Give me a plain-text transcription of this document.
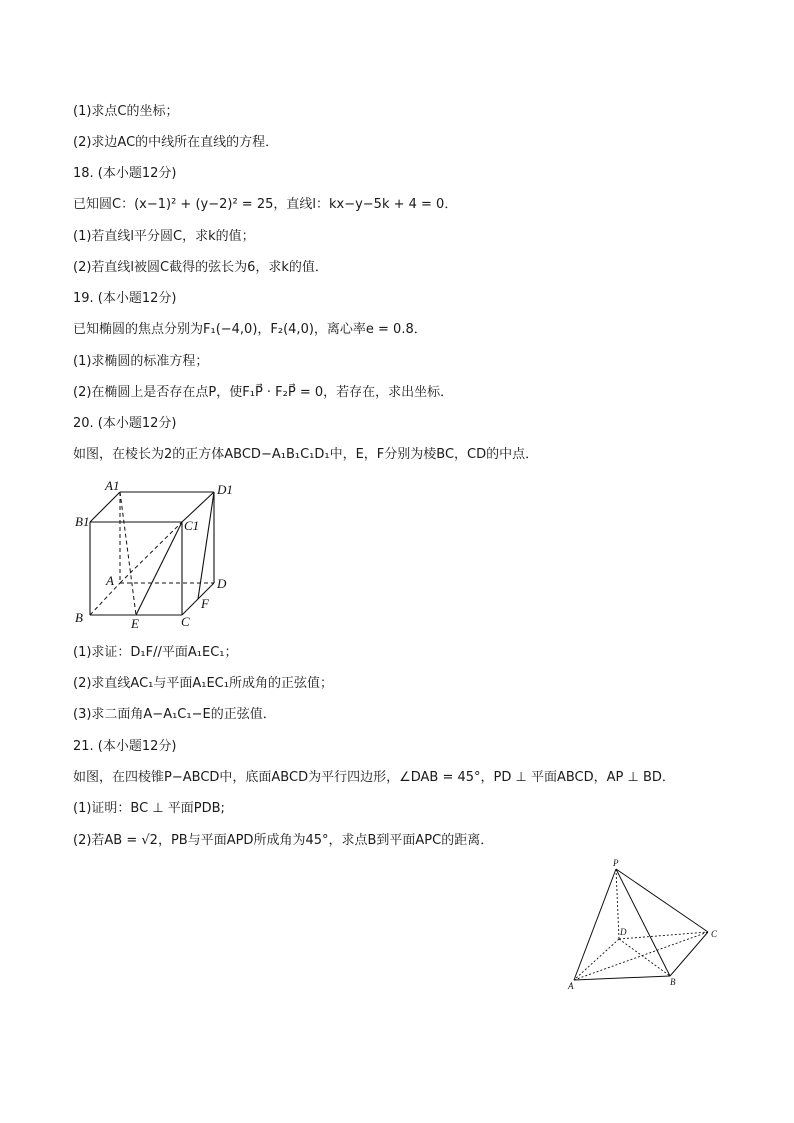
(1)求点C的坐标；
(2)求边AC的中线所在直线的方程．
18. (本小题12分)
已知圆C：(x−1)² + (y−2)² = 25，直线l：kx−y−5k + 4 = 0．
(1)若直线l平分圆C，求k的值；
(2)若直线l被圆C截得的弦长为6，求k的值．
19. (本小题12分)
已知椭圆的焦点分别为F₁(−4,0)，F₂(4,0)，离心率e = 0.8．
(1)求椭圆的标准方程；
(2)在椭圆上是否存在点P，使F₁P⃗ · F₂P⃗ = 0，若存在，求出坐标．
20. (本小题12分)
如图，在棱长为2的正方体ABCD−A₁B₁C₁D₁中，E，F分别为棱BC，CD的中点．
(1)求证：D₁F//平面A₁EC₁；
(2)求直线AC₁与平面A₁EC₁所成角的正弦值；
(3)求二面角A−A₁C₁−E的正弦值．
21. (本小题12分)
如图，在四棱锥P−ABCD中，底面ABCD为平行四边形，∠DAB = 45°，PD ⊥ 平面ABCD，AP ⊥ BD．
(1)证明：BC ⊥ 平面PDB;
(2)若AB = √2，PB与平面APD所成角为45°，求点B到平面APC的距离．
A1	D1
B1	C1
A	D
B	C
E
F
P
D	C
A	B
